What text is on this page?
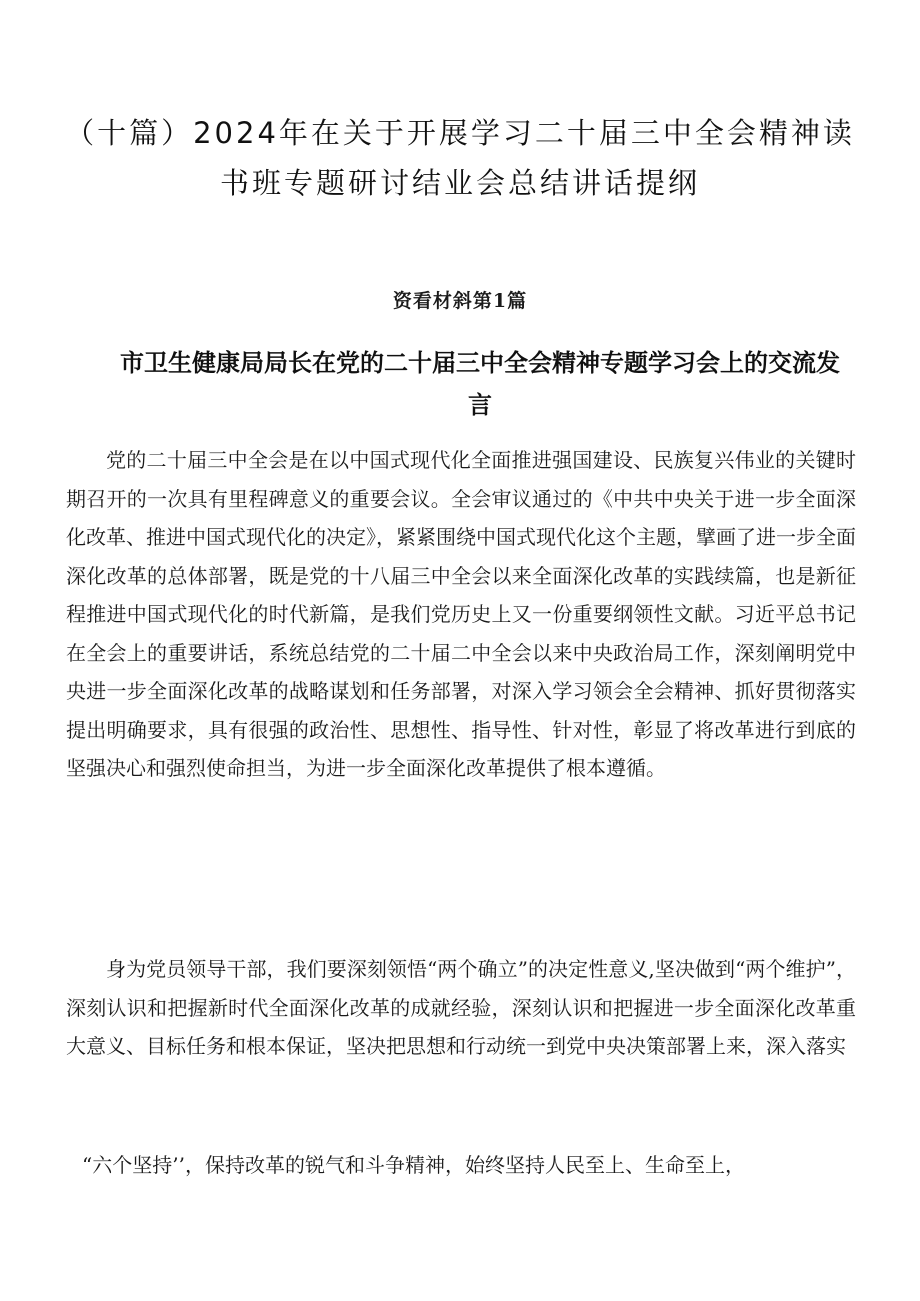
（十篇）2024年在关于开展学习二十届三中全会精神读书班专题研讨结业会总结讲话提纲

资看材斜第1篇

市卫生健康局局长在党的二十届三中全会精神专题学习会上的交流发言

党的二十届三中全会是在以中国式现代化全面推进强国建设、民族复兴伟业的关键时期召开的一次具有里程碑意义的重要会议。全会审议通过的《中共中央关于进一步全面深化改革、推进中国式现代化的决定》，紧紧围绕中国式现代化这个主题，擘画了进一步全面深化改革的总体部署，既是党的十八届三中全会以来全面深化改革的实践续篇，也是新征程推进中国式现代化的时代新篇，是我们党历史上又一份重要纲领性文献。习近平总书记在全会上的重要讲话，系统总结党的二十届二中全会以来中央政治局工作，深刻阐明党中央进一步全面深化改革的战略谋划和任务部署，对深入学习领会全会精神、抓好贯彻落实提出明确要求，具有很强的政治性、思想性、指导性、针对性，彰显了将改革进行到底的坚强决心和强烈使命担当，为进一步全面深化改革提供了根本遵循。

身为党员领导干部，我们要深刻领悟“两个确立”的决定性意义,坚决做到“两个维护”，深刻认识和把握新时代全面深化改革的成就经验，深刻认识和把握进一步全面深化改革重大意义、目标任务和根本保证，坚决把思想和行动统一到党中央决策部署上来，深入落实

“六个坚持’’，保持改革的锐气和斗争精神，始终坚持人民至上、生命至上，
